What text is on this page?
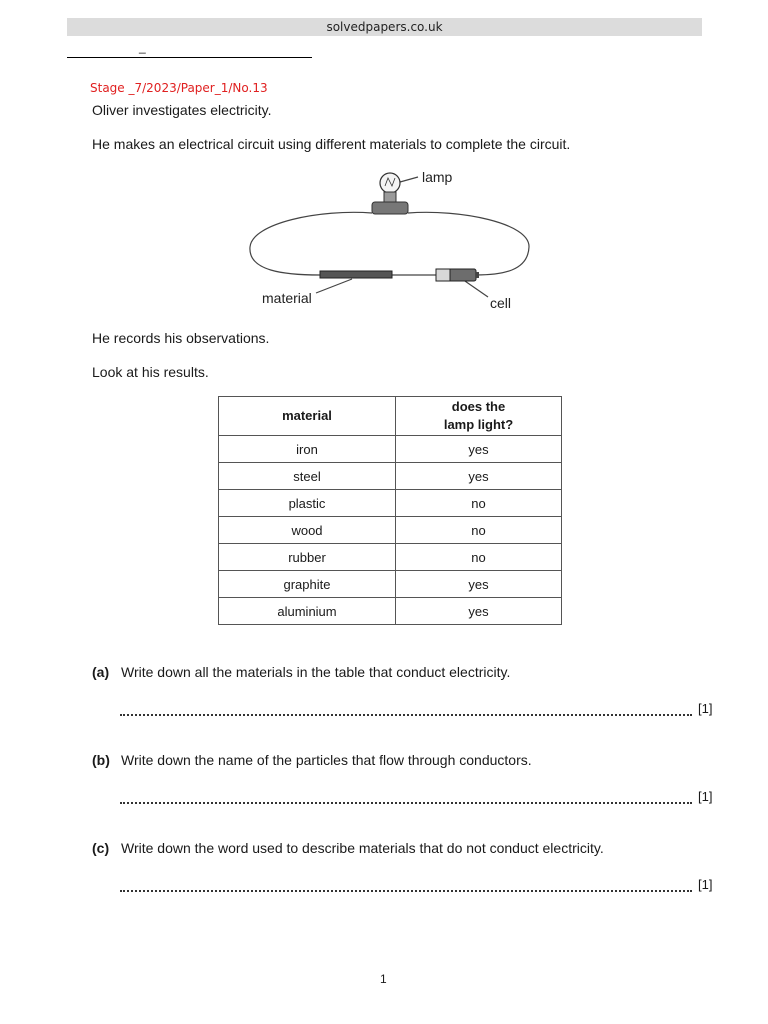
solvedpapers.co.uk
_
Stage _7/2023/Paper_1/No.13
Oliver investigates electricity.
He makes an electrical circuit using different materials to complete the circuit.
lamp
material	cell
He records his observations.
Look at his results.
material	does the lamp light?
iron	yes
steel	yes
plastic	no
wood	no
rubber	no
graphite	yes
aluminium	yes
(a) Write down all the materials in the table that conduct electricity.
[1]
(b) Write down the name of the particles that flow through conductors.
[1]
(c) Write down the word used to describe materials that do not conduct electricity.
[1]
1
